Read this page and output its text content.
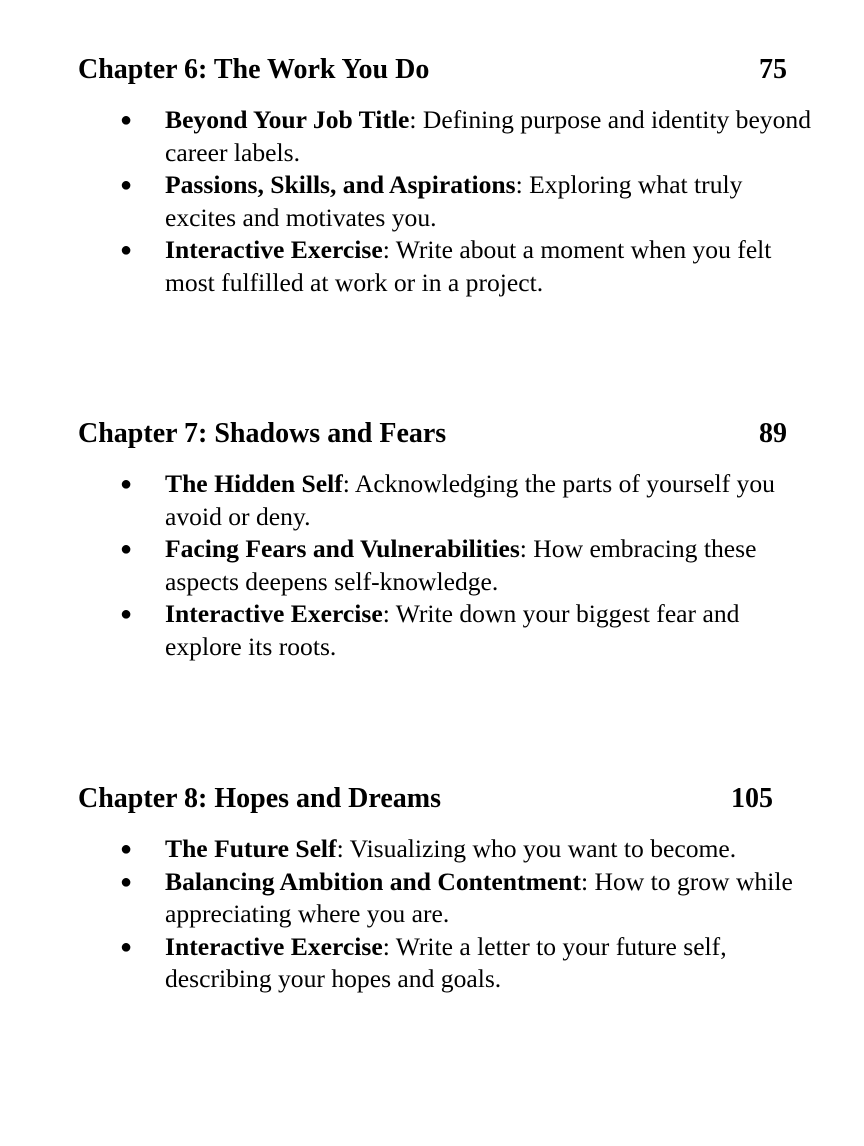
Chapter 6: The Work You Do	75
● Beyond Your Job Title: Defining purpose and identity beyond career labels.
● Passions, Skills, and Aspirations: Exploring what truly excites and motivates you.
● Interactive Exercise: Write about a moment when you felt most fulfilled at work or in a project.
Chapter 7: Shadows and Fears	89
● The Hidden Self: Acknowledging the parts of yourself you avoid or deny.
● Facing Fears and Vulnerabilities: How embracing these aspects deepens self-knowledge.
● Interactive Exercise: Write down your biggest fear and explore its roots.
Chapter 8: Hopes and Dreams	105
● The Future Self: Visualizing who you want to become.
● Balancing Ambition and Contentment: How to grow while appreciating where you are.
● Interactive Exercise: Write a letter to your future self, describing your hopes and goals.
